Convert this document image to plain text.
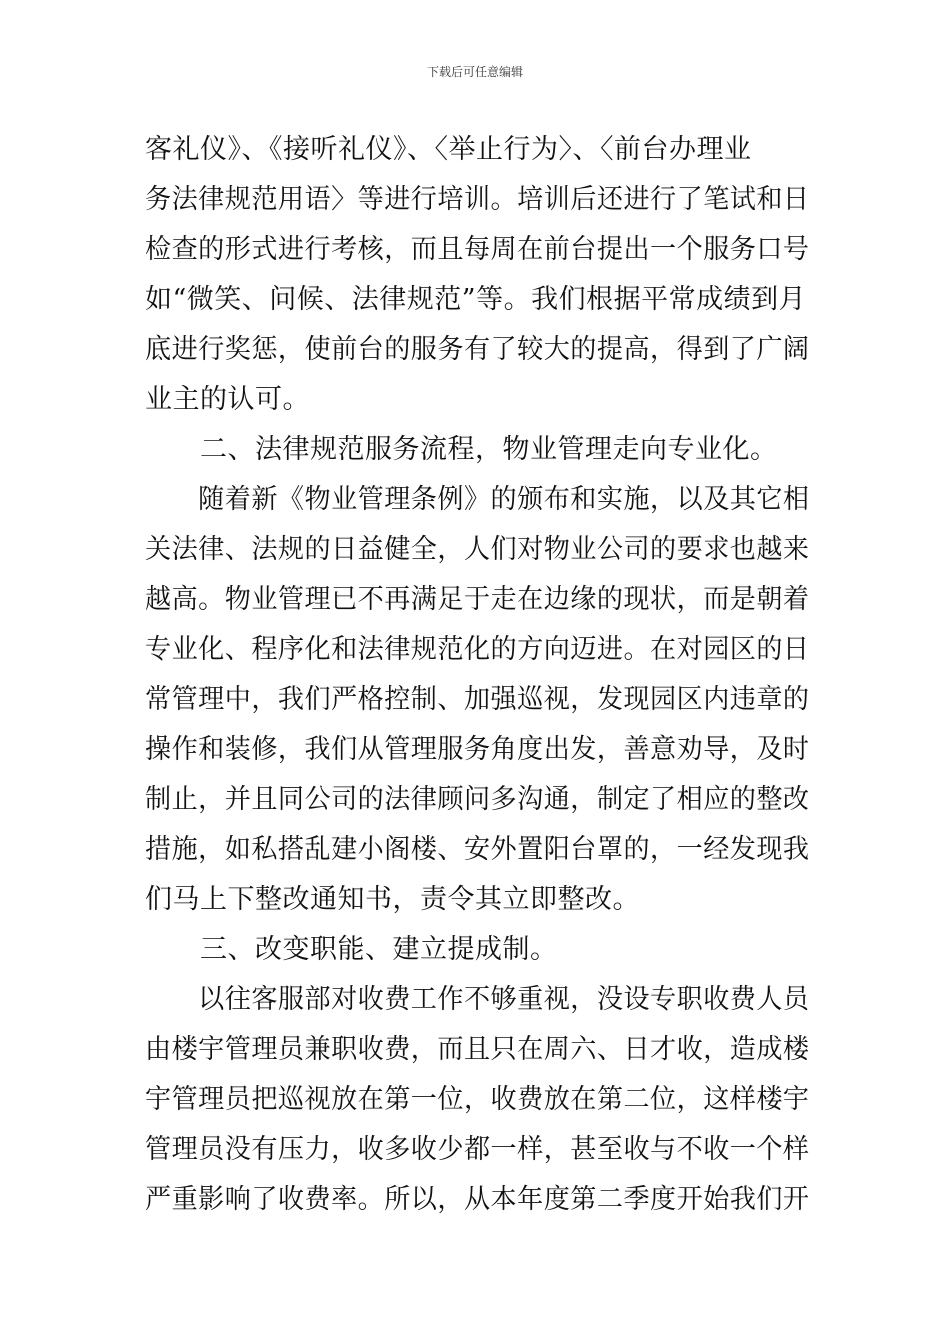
下载后可任意编辑
客礼仪》、《接听礼仪》、〈举止行为〉、〈前台办理业
务法律规范用语〉等进行培训。培训后还进行了笔试和日
检查的形式进行考核，而且每周在前台提出一个服务口号
如“微笑、问候、法律规范”等。我们根据平常成绩到月
底进行奖惩，使前台的服务有了较大的提高，得到了广阔
业主的认可。
　　二、法律规范服务流程，物业管理走向专业化。
　　随着新《物业管理条例》的颁布和实施，以及其它相
关法律、法规的日益健全，人们对物业公司的要求也越来
越高。物业管理已不再满足于走在边缘的现状，而是朝着
专业化、程序化和法律规范化的方向迈进。在对园区的日
常管理中，我们严格控制、加强巡视，发现园区内违章的
操作和装修，我们从管理服务角度出发，善意劝导，及时
制止，并且同公司的法律顾问多沟通，制定了相应的整改
措施，如私搭乱建小阁楼、安外置阳台罩的，一经发现我
们马上下整改通知书，责令其立即整改。
　　三、改变职能、建立提成制。
　　以往客服部对收费工作不够重视，没设专职收费人员
由楼宇管理员兼职收费，而且只在周六、日才收，造成楼
宇管理员把巡视放在第一位，收费放在第二位，这样楼宇
管理员没有压力，收多收少都一样，甚至收与不收一个样
严重影响了收费率。所以，从本年度第二季度开始我们开
